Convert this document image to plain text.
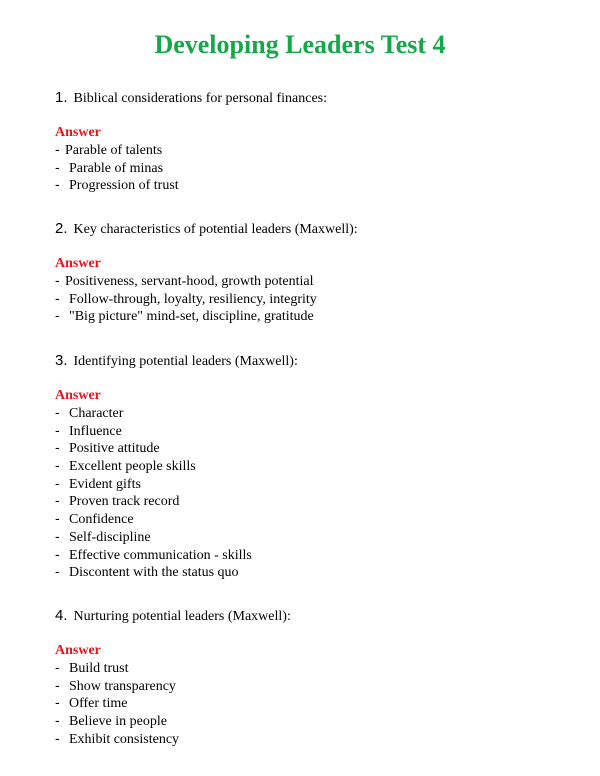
Developing Leaders Test 4
1. Biblical considerations for personal finances:
Answer
- Parable of talents
- Parable of minas
- Progression of trust
2. Key characteristics of potential leaders (Maxwell):
Answer
- Positiveness, servant-hood, growth potential
- Follow-through, loyalty, resiliency, integrity
- "Big picture" mind-set, discipline, gratitude
3. Identifying potential leaders (Maxwell):
Answer
- Character
- Influence
- Positive attitude
- Excellent people skills
- Evident gifts
- Proven track record
- Confidence
- Self-discipline
- Effective communication - skills
- Discontent with the status quo
4. Nurturing potential leaders (Maxwell):
Answer
- Build trust
- Show transparency
- Offer time
- Believe in people
- Exhibit consistency
